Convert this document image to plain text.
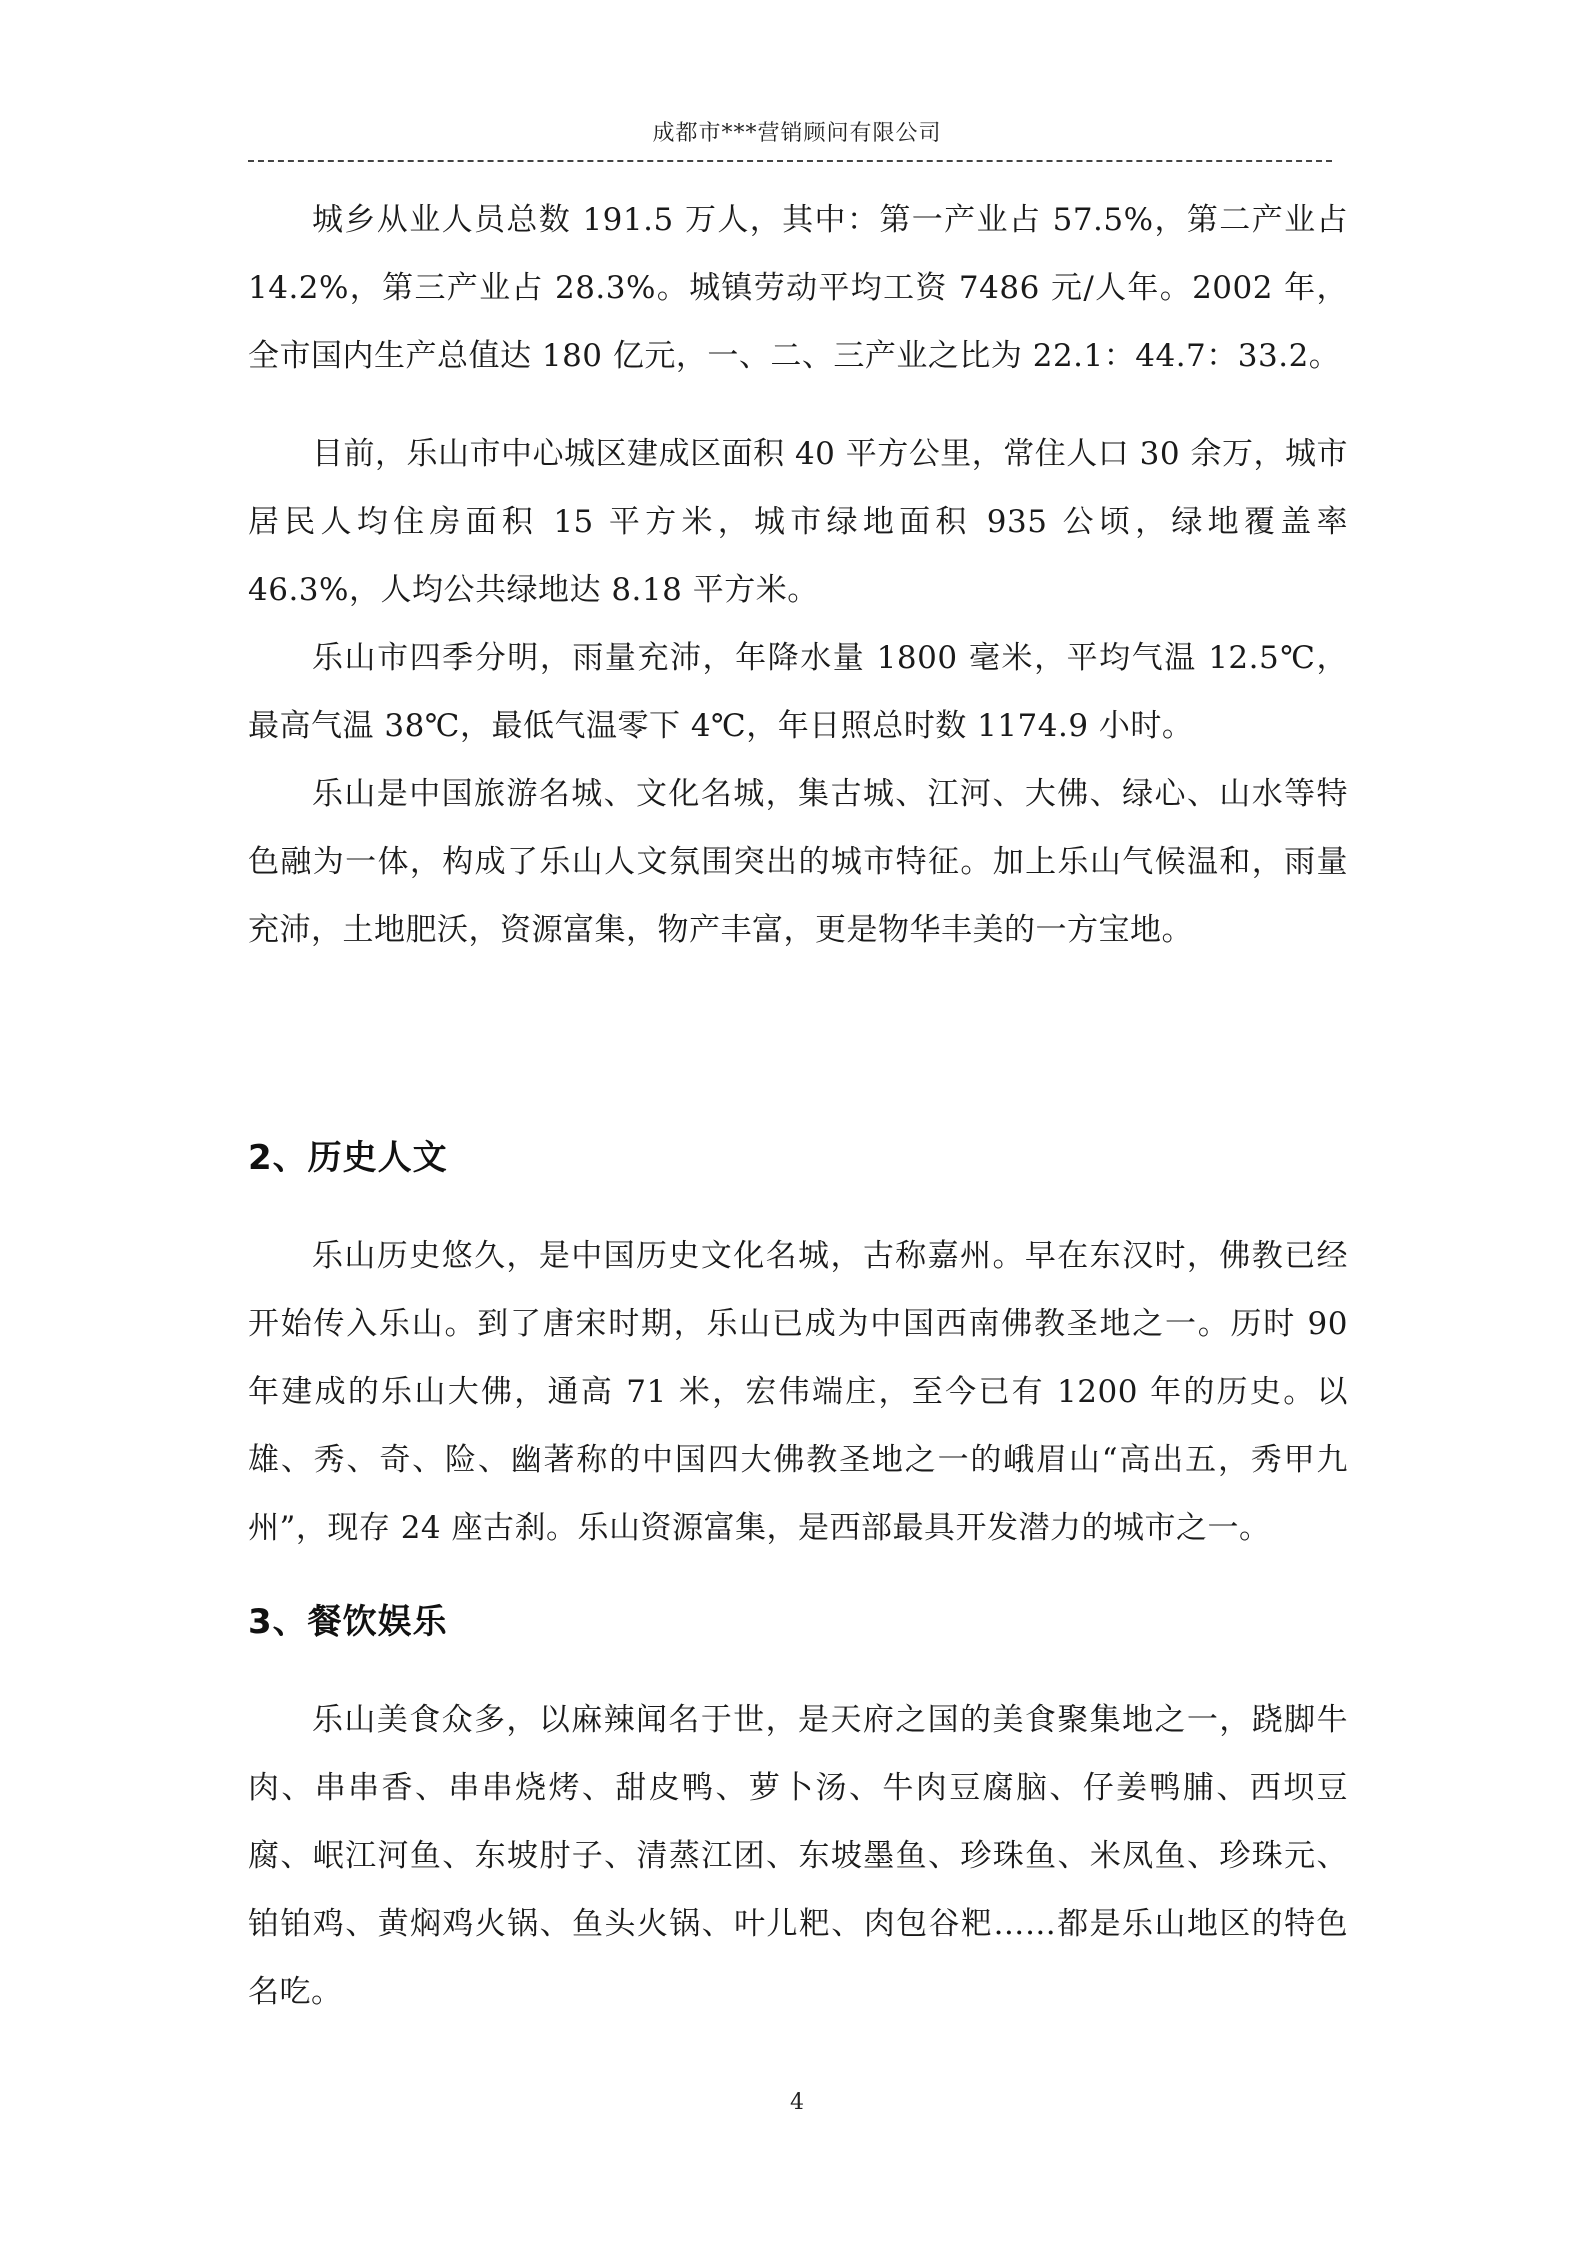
成都市***营销顾问有限公司

城乡从业人员总数 191.5 万人，其中：第一产业占 57.5%，第二产业占 14.2%，第三产业占 28.3%。城镇劳动平均工资 7486 元/人年。2002 年，全市国内生产总值达 180 亿元，一、二、三产业之比为 22.1：44.7：33.2。

目前，乐山市中心城区建成区面积 40 平方公里，常住人口 30 余万，城市居民人均住房面积 15 平方米，城市绿地面积 935 公顷，绿地覆盖率 46.3%，人均公共绿地达 8.18 平方米。

乐山市四季分明，雨量充沛，年降水量 1800 毫米，平均气温 12.5℃，最高气温 38℃，最低气温零下 4℃，年日照总时数 1174.9 小时。

乐山是中国旅游名城、文化名城，集古城、江河、大佛、绿心、山水等特色融为一体，构成了乐山人文氛围突出的城市特征。加上乐山气候温和，雨量充沛，土地肥沃，资源富集，物产丰富，更是物华丰美的一方宝地。

2、历史人文

乐山历史悠久，是中国历史文化名城，古称嘉州。早在东汉时，佛教已经开始传入乐山。到了唐宋时期，乐山已成为中国西南佛教圣地之一。历时 90 年建成的乐山大佛，通高 71 米，宏伟端庄，至今已有 1200 年的历史。以雄、秀、奇、险、幽著称的中国四大佛教圣地之一的峨眉山“高出五，秀甲九州”，现存 24 座古刹。乐山资源富集，是西部最具开发潜力的城市之一。

3、餐饮娱乐

乐山美食众多，以麻辣闻名于世，是天府之国的美食聚集地之一，跷脚牛肉、串串香、串串烧烤、甜皮鸭、萝卜汤、牛肉豆腐脑、仔姜鸭脯、西坝豆腐、岷江河鱼、东坡肘子、清蒸江团、东坡墨鱼、珍珠鱼、米凤鱼、珍珠元、铂铂鸡、黄焖鸡火锅、鱼头火锅、叶儿粑、肉包谷粑……都是乐山地区的特色名吃。

4
